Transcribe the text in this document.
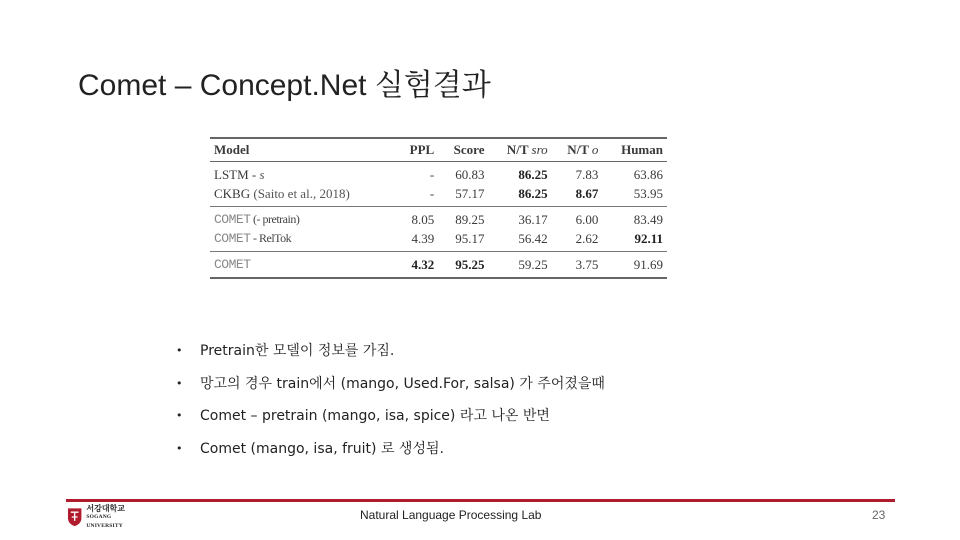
Comet – Concept.Net 실험결과
Model	PPL	Score	N/T sro	N/T o	Human
LSTM - s	-	60.83	86.25	7.83	63.86
CKBG (Saito et al., 2018)	-	57.17	86.25	8.67	53.95
COMET (- pretrain)	8.05	89.25	36.17	6.00	83.49
COMET - RelTok	4.39	95.17	56.42	2.62	92.11
COMET	4.32	95.25	59.25	3.75	91.69
•	Pretrain한 모델이 정보를 가짐.
•	망고의 경우 train에서 (mango, Used.For, salsa) 가 주어졌을때
•	Comet – pretrain (mango, isa, spice) 라고 나온 반면
•	Comet (mango, isa, fruit) 로 생성됨.
서강대학교
SOGANG UNIVERSITY
Natural Language Processing Lab	23
